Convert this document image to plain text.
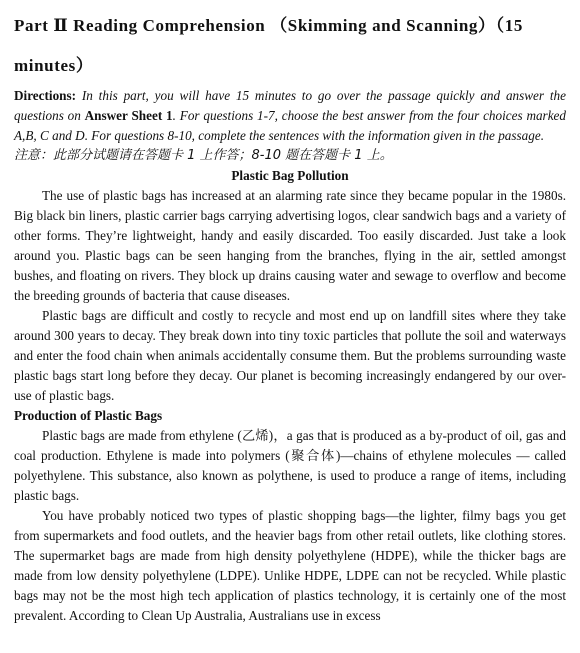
Part Ⅱ Reading Comprehension （Skimming and Scanning）（15
minutes）

Directions: In this part, you will have 15 minutes to go over the passage quickly and answer the questions on Answer Sheet 1. For questions 1-7, choose the best answer from the four choices marked A,B, C and D. For questions 8-10, complete the sentences with the information given in the passage.

注意：此部分试题请在答题卡 1 上作答；8-10 题在答题卡 1 上。

Plastic Bag Pollution

The use of plastic bags has increased at an alarming rate since they became popular in the 1980s. Big black bin liners, plastic carrier bags carrying advertising logos, clear sandwich bags and a variety of other forms. They’re lightweight, handy and easily discarded. Too easily discarded. Just take a look around you. Plastic bags can be seen hanging from the branches, flying in the air, settled amongst bushes, and floating on rivers. They block up drains causing water and sewage to overflow and become the breeding grounds of bacteria that cause diseases.

Plastic bags are difficult and costly to recycle and most end up on landfill sites where they take around 300 years to decay. They break down into tiny toxic particles that pollute the soil and waterways and enter the food chain when animals accidentally consume them. But the problems surrounding waste plastic bags start long before they decay. Our planet is becoming increasingly endangered by our over-use of plastic bags.

Production of Plastic Bags

Plastic bags are made from ethylene (乙烯)，a gas that is produced as a by-product of oil, gas and coal production. Ethylene is made into polymers (聚合体)—chains of ethylene molecules — called polyethylene. This substance, also known as polythene, is used to produce a range of items, including plastic bags.

You have probably noticed two types of plastic shopping bags—the lighter, filmy bags you get from supermarkets and food outlets, and the heavier bags from other retail outlets, like clothing stores. The supermarket bags are made from high density polyethylene (HDPE), while the thicker bags are made from low density polyethylene (LDPE). Unlike HDPE, LDPE can not be recycled. While plastic bags may not be the most high tech application of plastics technology, it is certainly one of the most prevalent. According to Clean Up Australia, Australians use in excess
